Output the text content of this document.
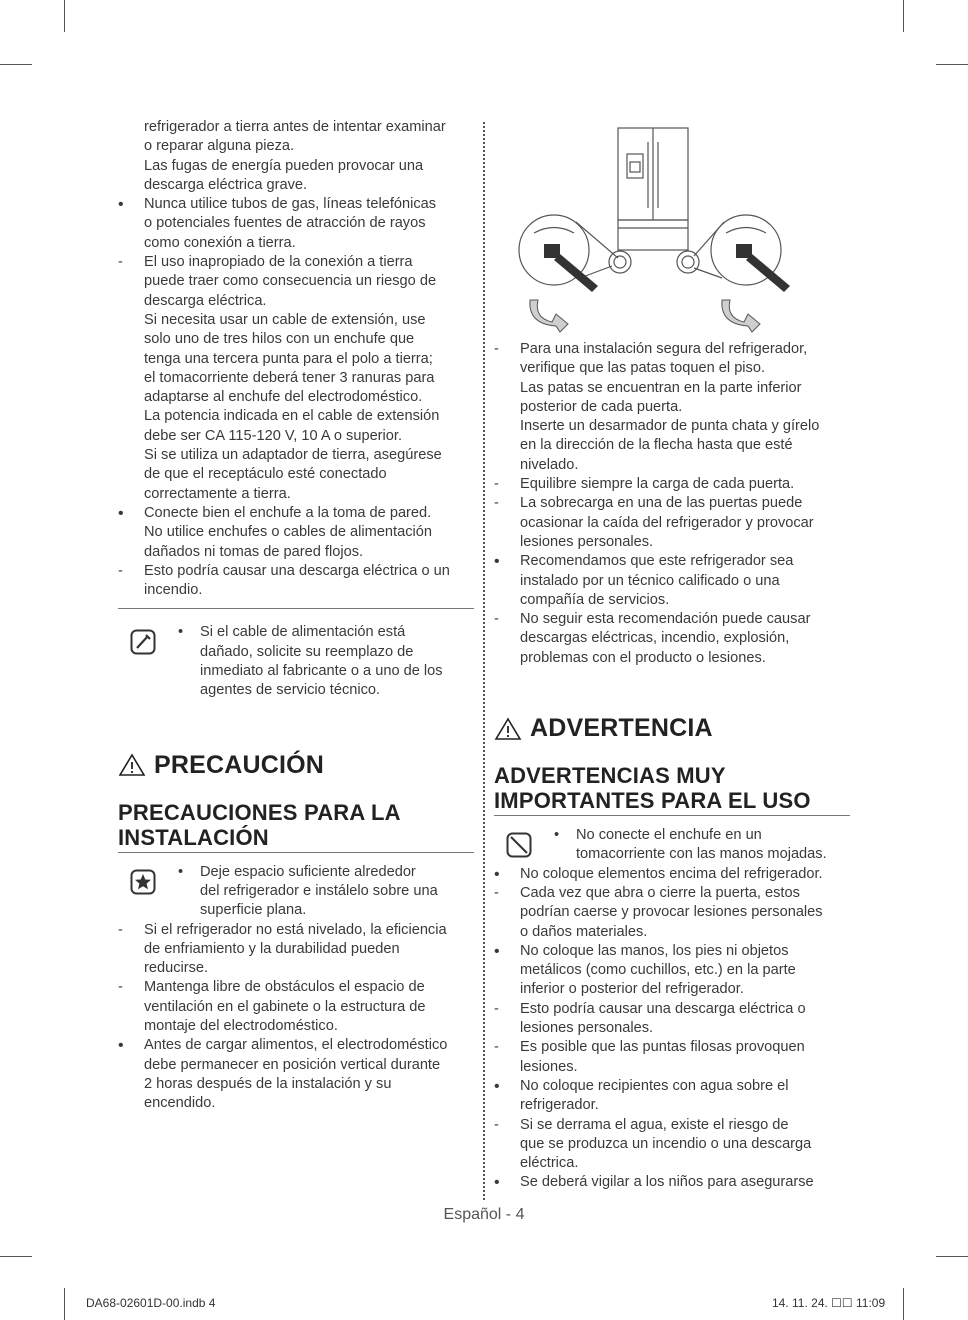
refrigerador a tierra antes de intentar examinar

o reparar alguna pieza.

Las fugas de energía pueden provocar una

descarga eléctrica grave.

•	Nunca utilice tubos de gas, líneas telefónicas

o potenciales fuentes de atracción de rayos

como conexión a tierra.

-	El uso inapropiado de la conexión a tierra

puede traer como consecuencia un riesgo de

descarga eléctrica.

Si necesita usar un cable de extensión, use

solo uno de tres hilos con un enchufe que

tenga una tercera punta para el polo a tierra;

el tomacorriente deberá tener 3 ranuras para

adaptarse al enchufe del electrodoméstico.

La potencia indicada en el cable de extensión

debe ser CA 115-120 V, 10 A o superior.

Si se utiliza un adaptador de tierra, asegúrese

de que el receptáculo esté conectado

correctamente a tierra.

•	Conecte bien el enchufe a la toma de pared.

No utilice enchufes o cables de alimentación

dañados ni tomas de pared flojos.

-	Esto podría causar una descarga eléctrica o un

incendio.

• Si el cable de alimentación está

dañado, solicite su reemplazo de

inmediato al fabricante o a uno de los

agentes de servicio técnico.

PRECAUCIÓN
PRECAUCIONES PARA LA
INSTALACIÓN
• Deje espacio suficiente alrededor

del refrigerador e instálelo sobre una

superficie plana.

-	Si el refrigerador no está nivelado, la eficiencia

de enfriamiento y la durabilidad pueden

reducirse.

-	Mantenga libre de obstáculos el espacio de

ventilación en el gabinete o la estructura de

montaje del electrodoméstico.

•	Antes de cargar alimentos, el electrodoméstico

debe permanecer en posición vertical durante

2 horas después de la instalación y su

encendido.

-	Para una instalación segura del refrigerador,

verifique que las patas toquen el piso.

Las patas se encuentran en la parte inferior

posterior de cada puerta.

Inserte un desarmador de punta chata y gírelo

en la dirección de la flecha hasta que esté

nivelado.

-	Equilibre siempre la carga de cada puerta.

-	La sobrecarga en una de las puertas puede

ocasionar la caída del refrigerador y provocar

lesiones personales.

•	Recomendamos que este refrigerador sea

instalado por un técnico calificado o una

compañía de servicios.

-	No seguir esta recomendación puede causar

descargas eléctricas, incendio, explosión,

problemas con el producto o lesiones.

ADVERTENCIA
ADVERTENCIAS MUY
IMPORTANTES PARA EL USO
• No conecte el enchufe en un

tomacorriente con las manos mojadas.

•	No coloque elementos encima del refrigerador.

-	Cada vez que abra o cierre la puerta, estos

podrían caerse y provocar lesiones personales

o daños materiales.

•	No coloque las manos, los pies ni objetos

metálicos (como cuchillos, etc.) en la parte

inferior o posterior del refrigerador.

-	Esto podría causar una descarga eléctrica o

lesiones personales.

-	Es posible que las puntas filosas provoquen

lesiones.

•	No coloque recipientes con agua sobre el

refrigerador.

-	Si se derrama el agua, existe el riesgo de

que se produzca un incendio o una descarga

eléctrica.

•	Se deberá vigilar a los niños para asegurarse

Español - 4
DA68-02601D-00.indb 4	14. 11. 24. ☐☐ 11:09
